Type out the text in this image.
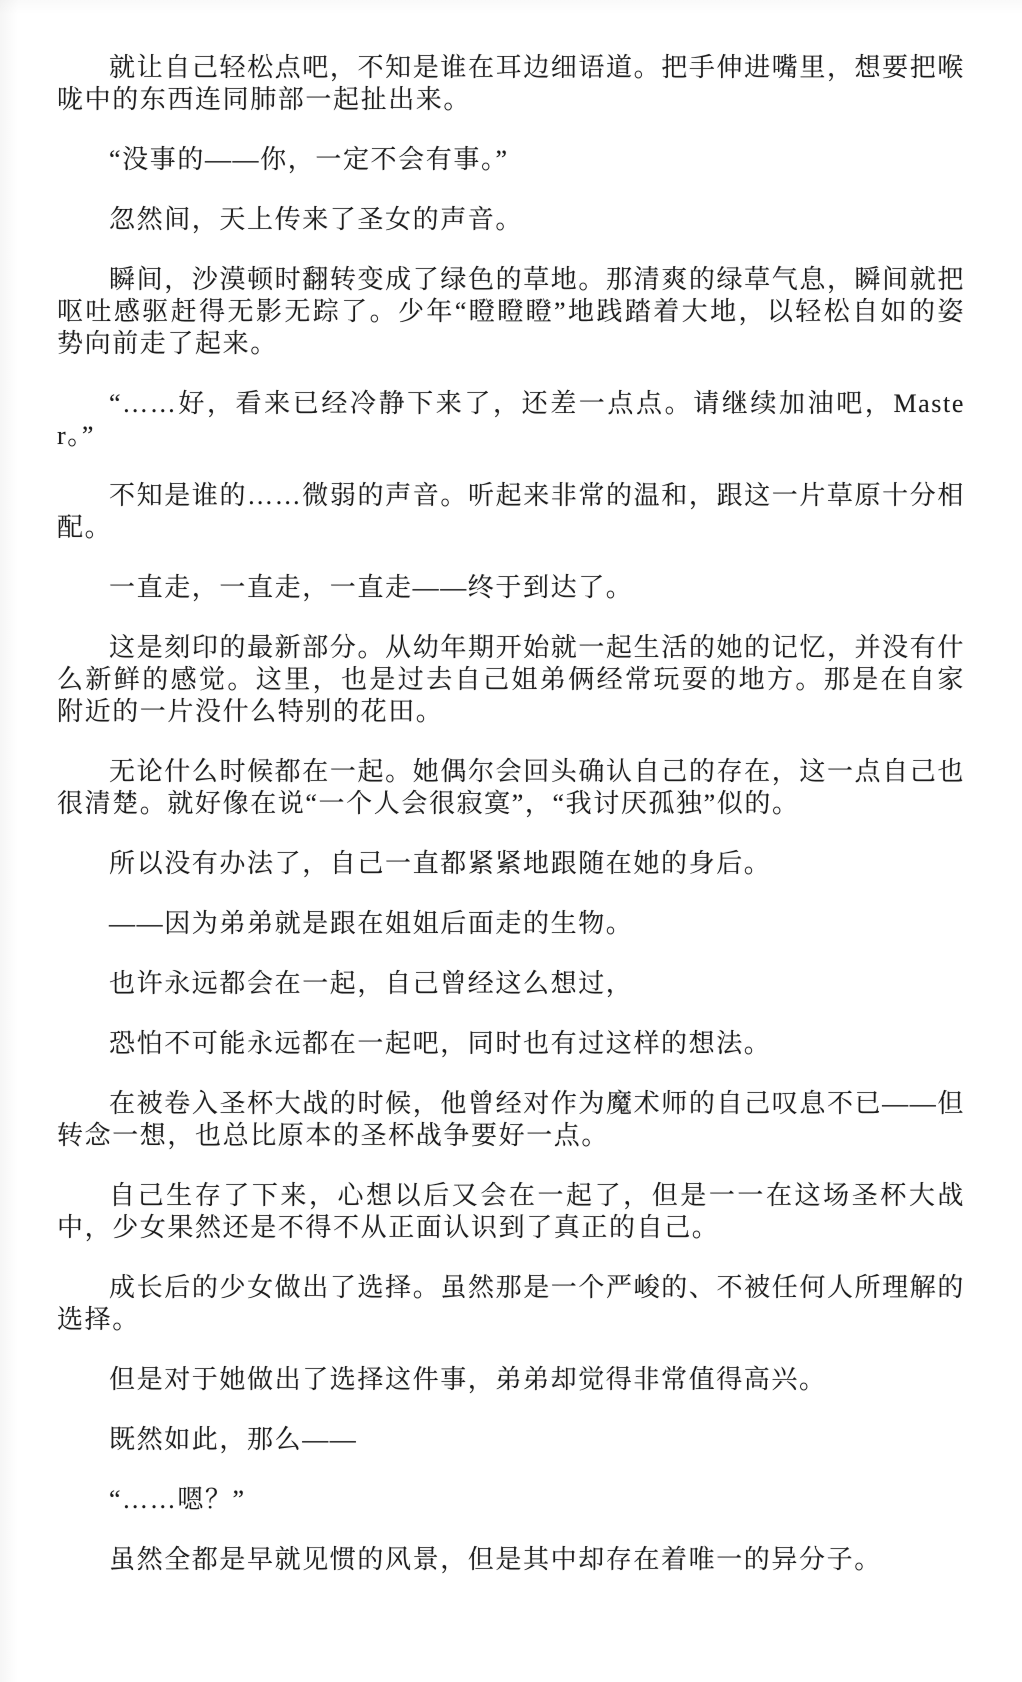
就让自己轻松点吧，不知是谁在耳边细语道。把手伸进嘴里，想要把喉咙中的东西连同肺部一起扯出来。

“没事的——你，一定不会有事。”

忽然间，天上传来了圣女的声音。

瞬间，沙漠顿时翻转变成了绿色的草地。那清爽的绿草气息，瞬间就把呕吐感驱赶得无影无踪了。少年“瞪瞪瞪”地践踏着大地，以轻松自如的姿势向前走了起来。

“……好，看来已经冷静下来了，还差一点点。请继续加油吧，Master。”

不知是谁的……微弱的声音。听起来非常的温和，跟这一片草原十分相配。

一直走，一直走，一直走——终于到达了。

这是刻印的最新部分。从幼年期开始就一起生活的她的记忆，并没有什么新鲜的感觉。这里，也是过去自己姐弟俩经常玩耍的地方。那是在自家附近的一片没什么特别的花田。

无论什么时候都在一起。她偶尔会回头确认自己的存在，这一点自己也很清楚。就好像在说“一个人会很寂寞”，“我讨厌孤独”似的。

所以没有办法了，自己一直都紧紧地跟随在她的身后。

——因为弟弟就是跟在姐姐后面走的生物。

也许永远都会在一起，自己曾经这么想过，

恐怕不可能永远都在一起吧，同时也有过这样的想法。

在被卷入圣杯大战的时候，他曾经对作为魔术师的自己叹息不已——但转念一想，也总比原本的圣杯战争要好一点。

自己生存了下来，心想以后又会在一起了，但是一一在这场圣杯大战中，少女果然还是不得不从正面认识到了真正的自己。

成长后的少女做出了选择。虽然那是一个严峻的、不被任何人所理解的选择。

但是对于她做出了选择这件事，弟弟却觉得非常值得高兴。

既然如此，那么——

“……嗯？”

虽然全都是早就见惯的风景，但是其中却存在着唯一的异分子。
